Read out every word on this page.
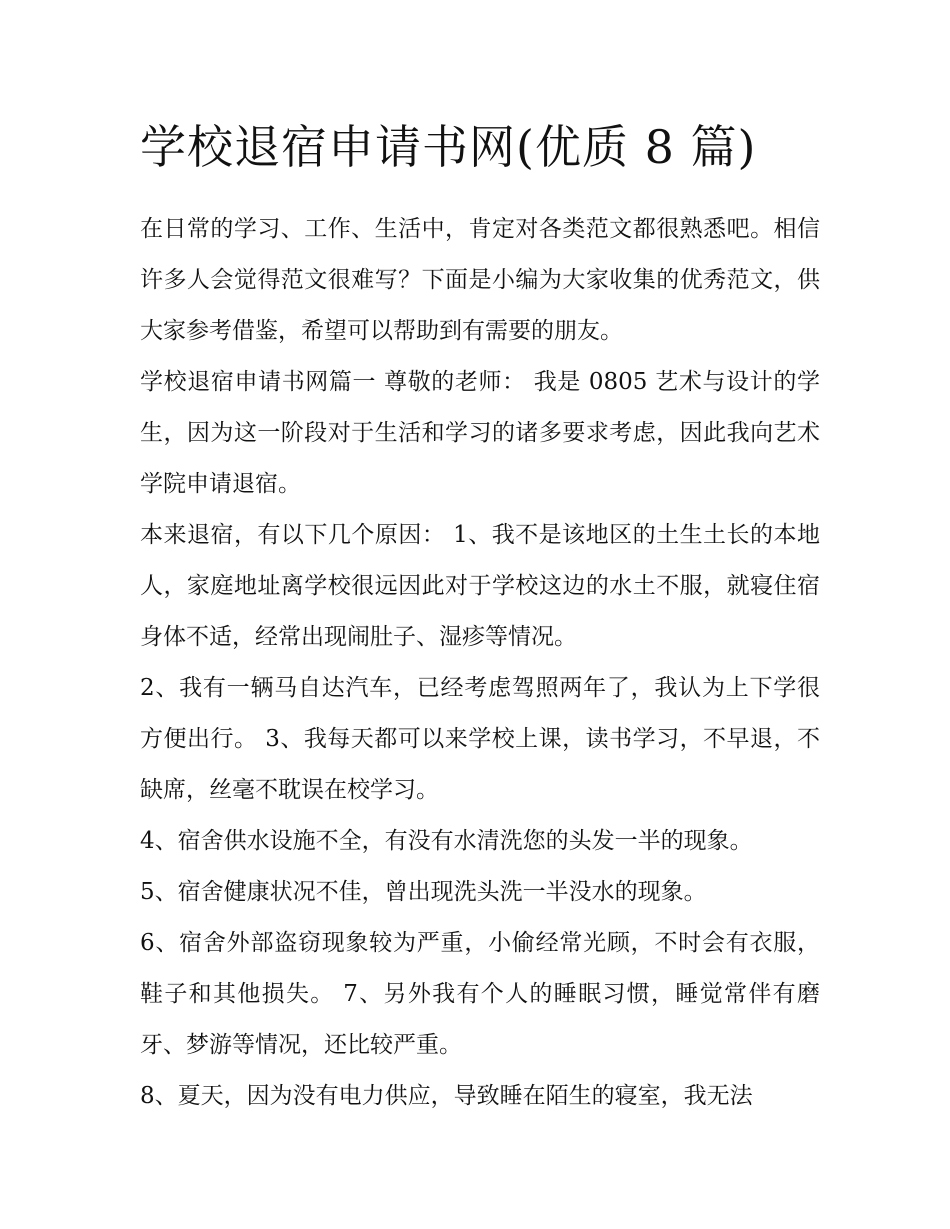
学校退宿申请书网(优质 8 篇)

在日常的学习、工作、生活中，肯定对各类范文都很熟悉吧。相信许多人会觉得范文很难写？下面是小编为大家收集的优秀范文，供大家参考借鉴，希望可以帮助到有需要的朋友。

学校退宿申请书网篇一 尊敬的老师： 我是 0805 艺术与设计的学生，因为这一阶段对于生活和学习的诸多要求考虑，因此我向艺术学院申请退宿。

本来退宿，有以下几个原因： 1、我不是该地区的土生土长的本地人，家庭地址离学校很远因此对于学校这边的水土不服，就寝住宿身体不适，经常出现闹肚子、湿疹等情况。

2、我有一辆马自达汽车，已经考虑驾照两年了，我认为上下学很方便出行。 3、我每天都可以来学校上课，读书学习，不早退，不缺席，丝毫不耽误在校学习。

4、宿舍供水设施不全，有没有水清洗您的头发一半的现象。

5、宿舍健康状况不佳，曾出现洗头洗一半没水的现象。

6、宿舍外部盗窃现象较为严重，小偷经常光顾，不时会有衣服，鞋子和其他损失。 7、另外我有个人的睡眠习惯，睡觉常伴有磨牙、梦游等情况，还比较严重。

8、夏天，因为没有电力供应，导致睡在陌生的寝室，我无法
